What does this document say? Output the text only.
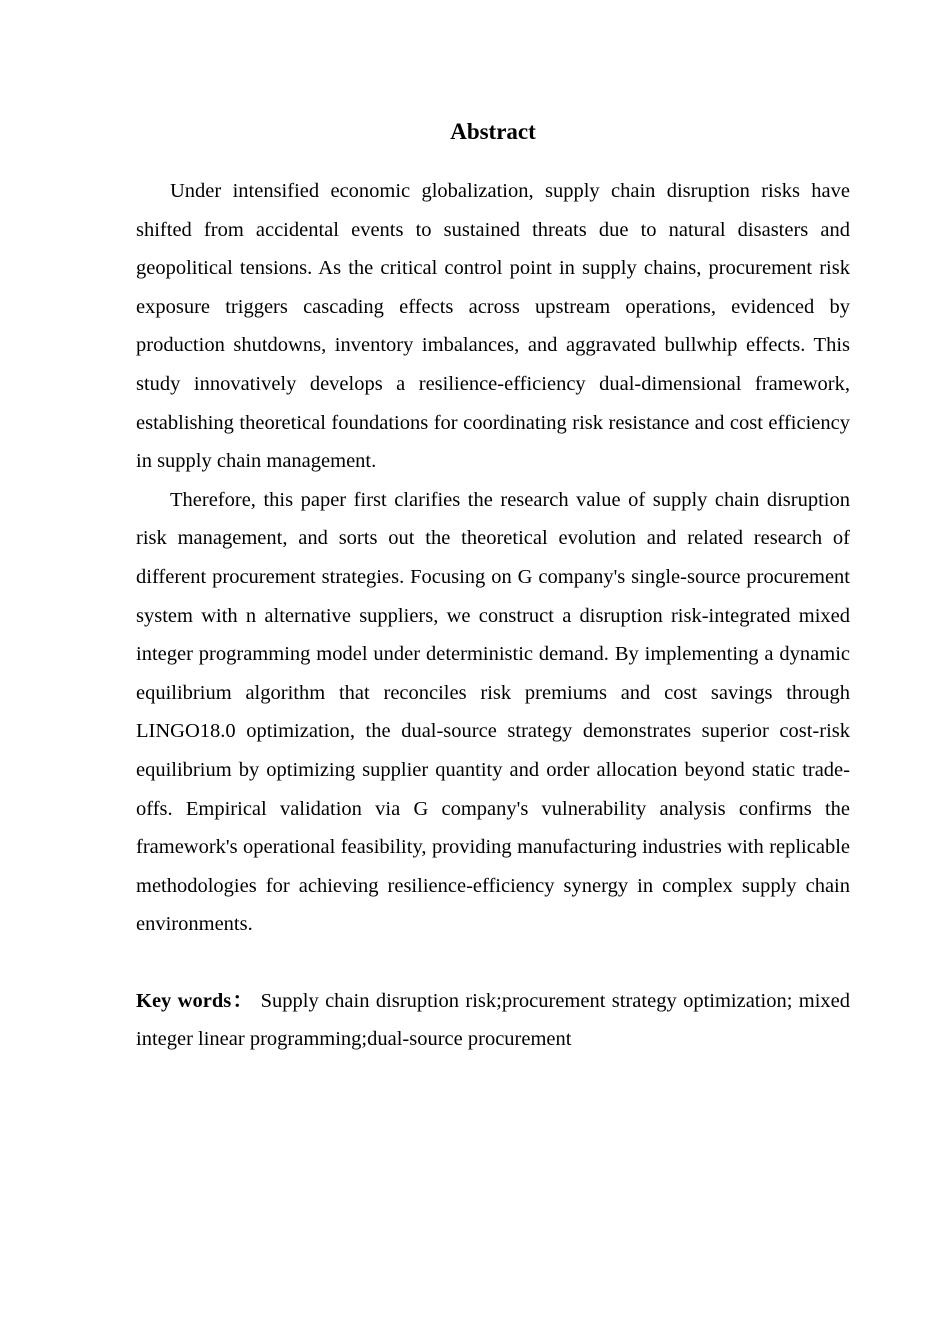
Abstract

Under intensified economic globalization, supply chain disruption risks have shifted from accidental events to sustained threats due to natural disasters and geopolitical tensions. As the critical control point in supply chains, procurement risk exposure triggers cascading effects across upstream operations, evidenced by production shutdowns, inventory imbalances, and aggravated bullwhip effects. This study innovatively develops a resilience-efficiency dual-dimensional framework, establishing theoretical foundations for coordinating risk resistance and cost efficiency in supply chain management.

Therefore, this paper first clarifies the research value of supply chain disruption risk management, and sorts out the theoretical evolution and related research of different procurement strategies. Focusing on G company's single-source procurement system with n alternative suppliers, we construct a disruption risk-integrated mixed integer programming model under deterministic demand. By implementing a dynamic equilibrium algorithm that reconciles risk premiums and cost savings through LINGO18.0 optimization, the dual-source strategy demonstrates superior cost-risk equilibrium by optimizing supplier quantity and order allocation beyond static trade-offs. Empirical validation via G company's vulnerability analysis confirms the framework's operational feasibility, providing manufacturing industries with replicable methodologies for achieving resilience-efficiency synergy in complex supply chain environments.

Key words： Supply chain disruption risk;procurement strategy optimization; mixed integer linear programming;dual-source procurement
